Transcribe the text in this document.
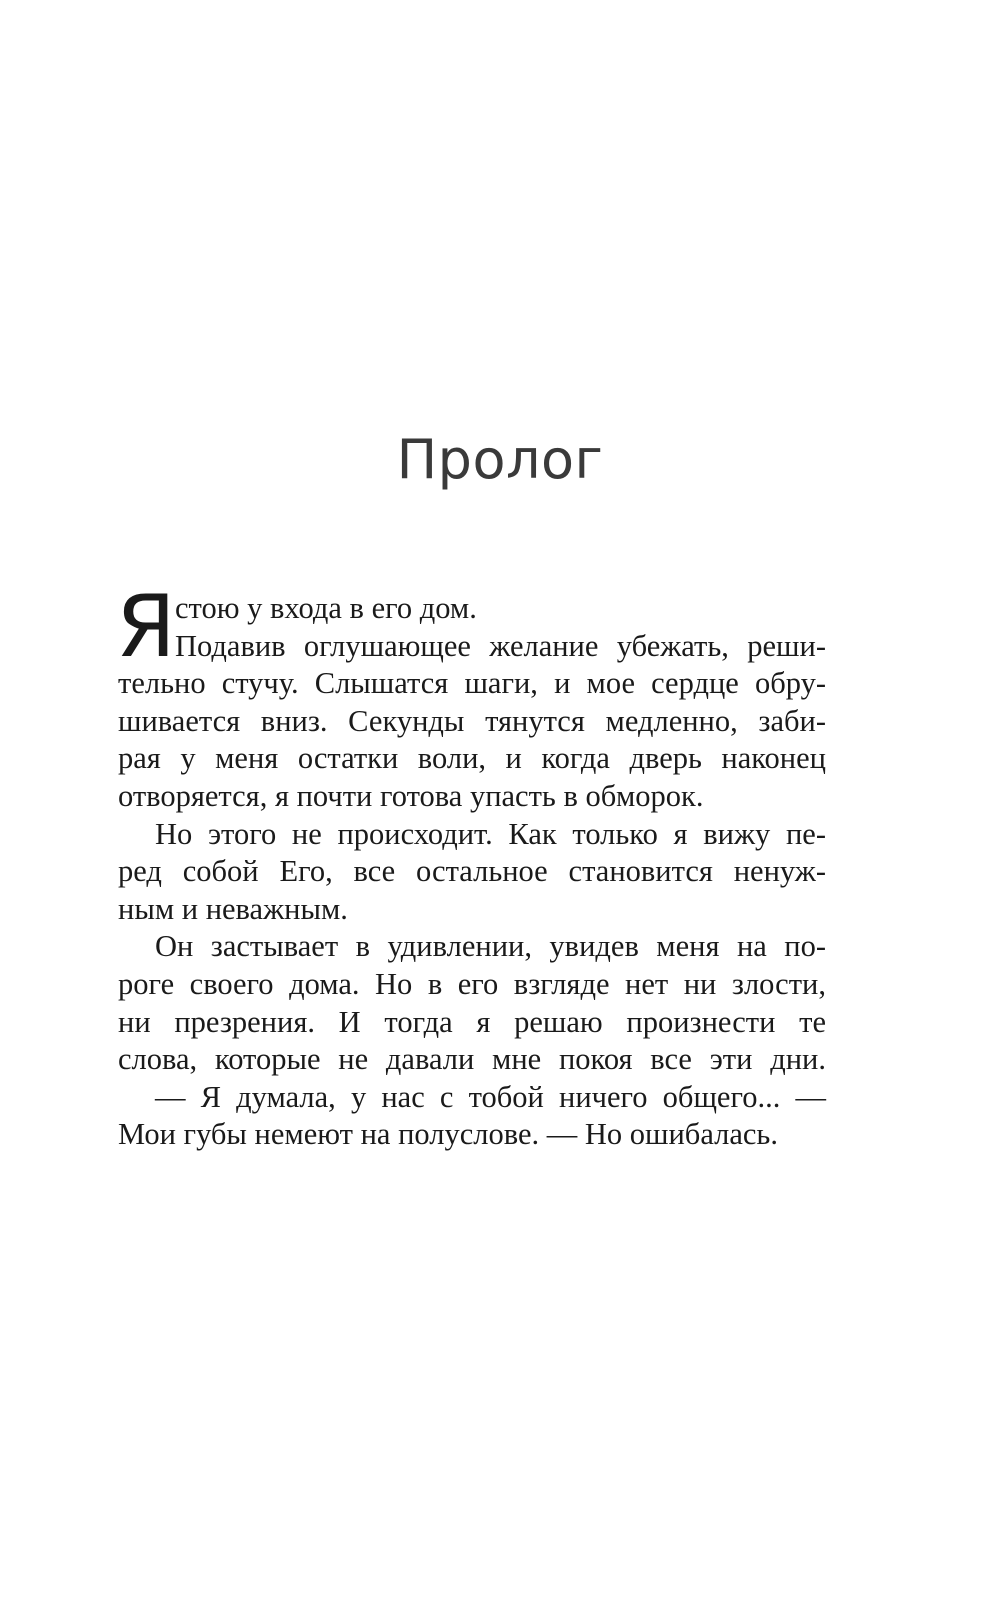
Пролог
Я стою у входа в его дом.
Подавив оглушающее желание убежать, реши-
тельно стучу. Слышатся шаги, и мое сердце обру-
шивается вниз. Секунды тянутся медленно, заби-
рая у меня остатки воли, и когда дверь наконец
отворяется, я почти готова упасть в обморок.
Но этого не происходит. Как только я вижу пе-
ред собой Его, все остальное становится ненуж-
ным и неважным.
Он застывает в удивлении, увидев меня на по-
роге своего дома. Но в его взгляде нет ни злости,
ни презрения. И тогда я решаю произнести те
слова, которые не давали мне покоя все эти дни.
— Я думала, у нас с тобой ничего общего... —
Мои губы немеют на полуслове. — Но ошибалась.
